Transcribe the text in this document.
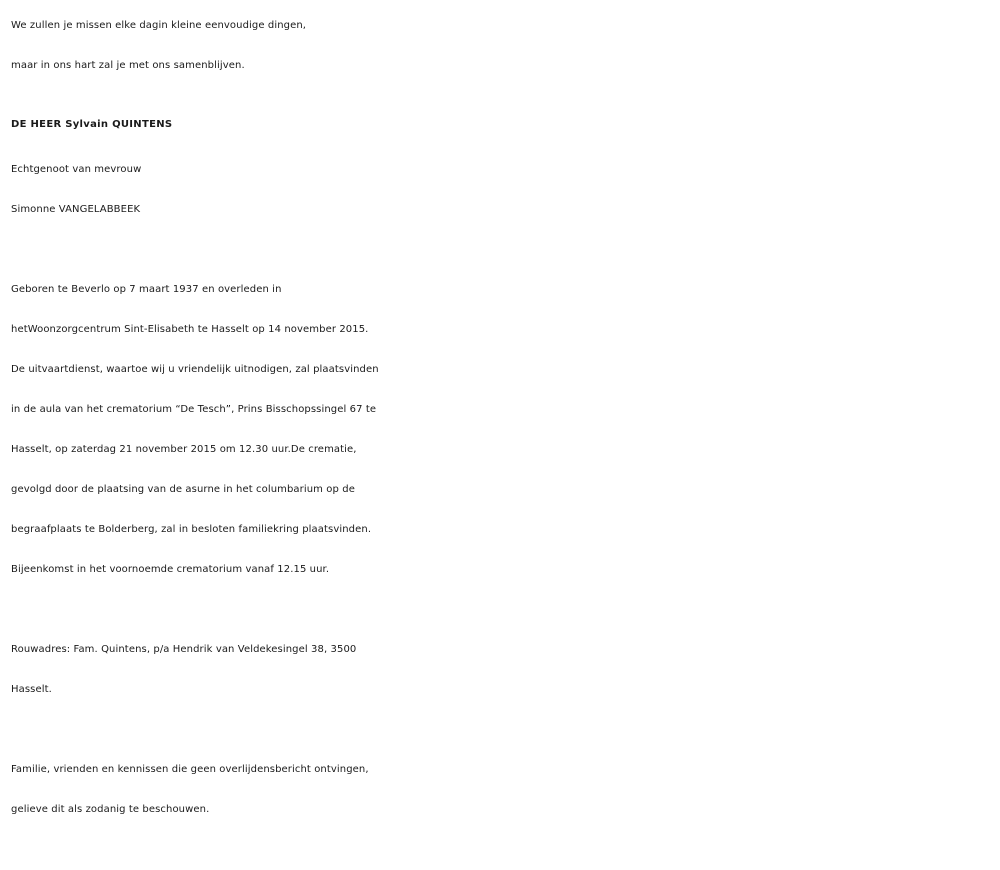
We zullen je missen elke dagin kleine eenvoudige dingen,
maar in ons hart zal je met ons samenblijven.
DE HEER Sylvain QUINTENS
Echtgenoot van mevrouw
Simonne VANGELABBEEK
Geboren te Beverlo op 7 maart 1937 en overleden in
hetWoonzorgcentrum Sint-Elisabeth te Hasselt op 14 november 2015.
De uitvaartdienst, waartoe wij u vriendelijk uitnodigen, zal plaatsvinden
in de aula van het crematorium “De Tesch”, Prins Bisschopssingel 67 te
Hasselt, op zaterdag 21 november 2015 om 12.30 uur.De crematie,
gevolgd door de plaatsing van de asurne in het columbarium op de
begraafplaats te Bolderberg, zal in besloten familiekring plaatsvinden.
Bijeenkomst in het voornoemde crematorium vanaf 12.15 uur.
Rouwadres: Fam. Quintens, p/a Hendrik van Veldekesingel 38, 3500
Hasselt.
Familie, vrienden en kennissen die geen overlijdensbericht ontvingen,
gelieve dit als zodanig te beschouwen.
